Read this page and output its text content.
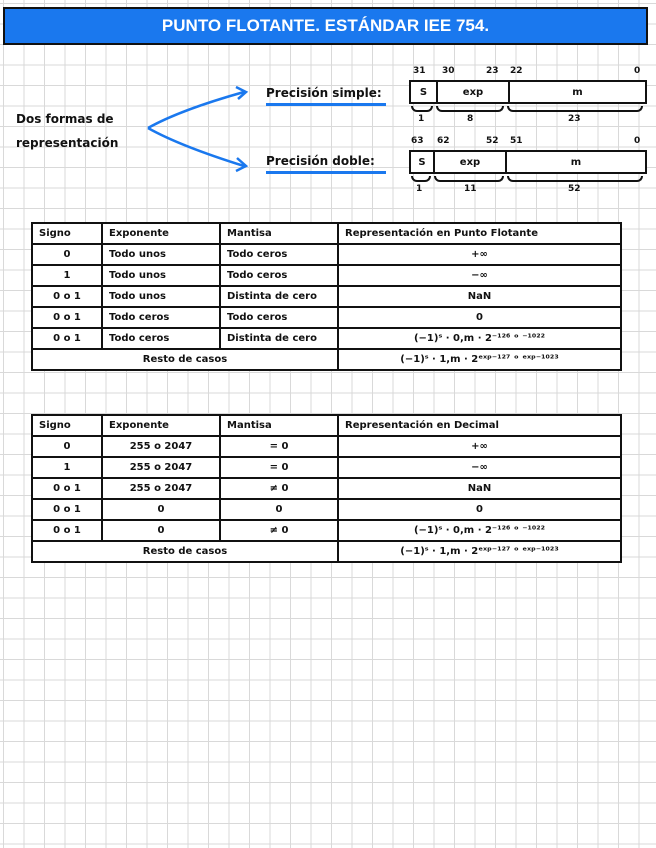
PUNTO FLOTANTE. ESTÁNDAR IEE 754.
Dos formas de
representación
Precisión simple:
31 30	23 22	0
S	exp	m
1	8	23
Precisión doble:
63 62	52 51	0
S	exp	m
1	11	52
Signo	Exponente	Mantisa	Representación en Punto Flotante
0	Todo unos	Todo ceros	+∞
1	Todo unos	Todo ceros	−∞
0 o 1	Todo unos	Distinta de cero	NaN
0 o 1	Todo ceros	Todo ceros	0
0 o 1	Todo ceros	Distinta de cero	(−1)ˢ · 0,m · 2⁻¹²⁶ ᵒ ⁻¹⁰²²
Resto de casos			(−1)ˢ · 1,m · 2ᵉˣᵖ⁻¹²⁷ ᵒ ᵉˣᵖ⁻¹⁰²³
Signo	Exponente	Mantisa	Representación en Decimal
0	255 o 2047	= 0	+∞
1	255 o 2047	= 0	−∞
0 o 1	255 o 2047	≠ 0	NaN
0 o 1	0	0	0
0 o 1	0	≠ 0	(−1)ˢ · 0,m · 2⁻¹²⁶ ᵒ ⁻¹⁰²²
Resto de casos			(−1)ˢ · 1,m · 2ᵉˣᵖ⁻¹²⁷ ᵒ ᵉˣᵖ⁻¹⁰²³
